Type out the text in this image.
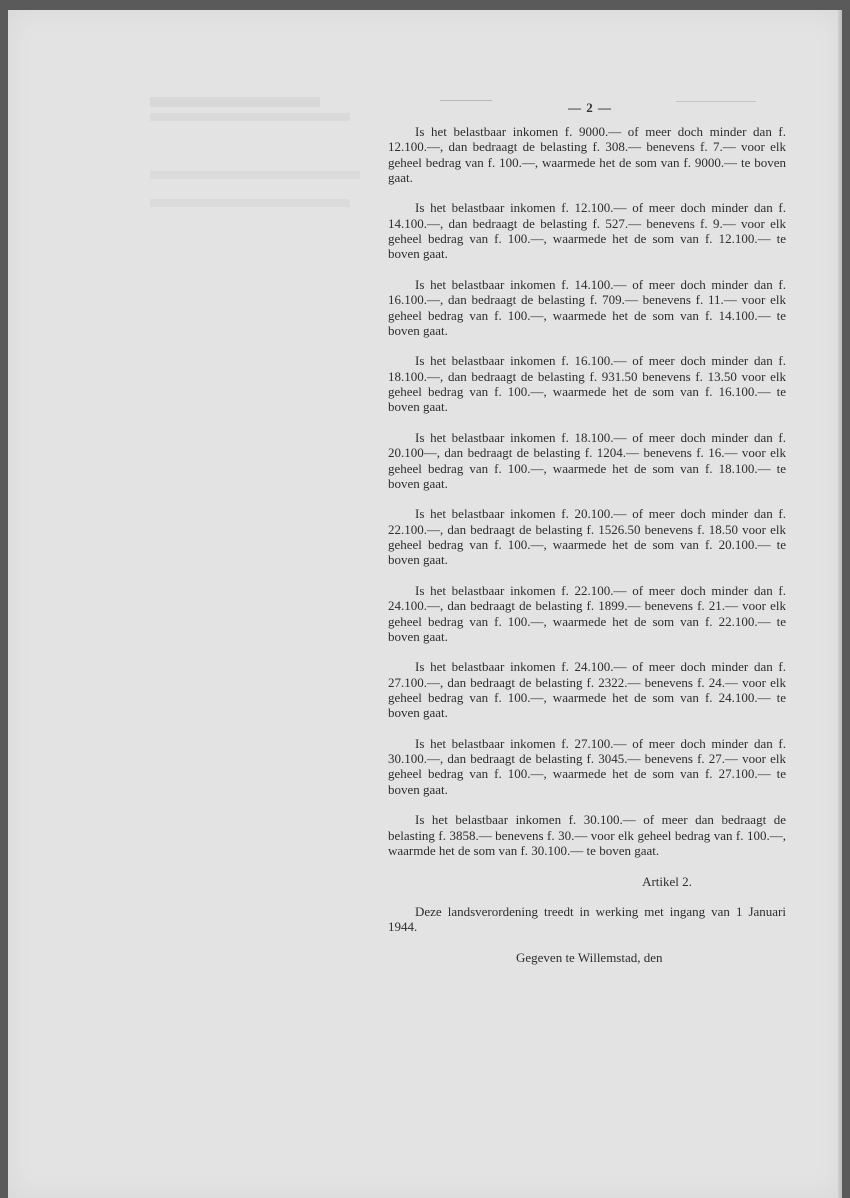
— 2 —

Is het belastbaar inkomen f. 9000.— of meer doch minder dan f. 12.100.—, dan bedraagt de belasting f. 308.— benevens f. 7.— voor elk geheel bedrag van f. 100.—, waarmede het de som van f. 9000.— te boven gaat.

Is het belastbaar inkomen f. 12.100.— of meer doch minder dan f. 14.100.—, dan bedraagt de belasting f. 527.— benevens f. 9.— voor elk geheel bedrag van f. 100.—, waarmede het de som van f. 12.100.— te boven gaat.

Is het belastbaar inkomen f. 14.100.— of meer doch minder dan f. 16.100.—, dan bedraagt de belasting f. 709.— benevens f. 11.— voor elk geheel bedrag van f. 100.—, waarmede het de som van f. 14.100.— te boven gaat.

Is het belastbaar inkomen f. 16.100.— of meer doch minder dan f. 18.100.—, dan bedraagt de belasting f. 931.50 benevens f. 13.50 voor elk geheel bedrag van f. 100.—, waarmede het de som van f. 16.100.— te boven gaat.

Is het belastbaar inkomen f. 18.100.— of meer doch minder dan f. 20.100—, dan bedraagt de belasting f. 1204.— benevens f. 16.— voor elk geheel bedrag van f. 100.—, waarmede het de som van f. 18.100.— te boven gaat.

Is het belastbaar inkomen f. 20.100.— of meer doch minder dan f. 22.100.—, dan bedraagt de belasting f. 1526.50 benevens f. 18.50 voor elk geheel bedrag van f. 100.—, waarmede het de som van f. 20.100.— te boven gaat.

Is het belastbaar inkomen f. 22.100.— of meer doch minder dan f. 24.100.—, dan bedraagt de belasting f. 1899.— benevens f. 21.— voor elk geheel bedrag van f. 100.—, waarmede het de som van f. 22.100.— te boven gaat.

Is het belastbaar inkomen f. 24.100.— of meer doch minder dan f. 27.100.—, dan bedraagt de belasting f. 2322.— benevens f. 24.— voor elk geheel bedrag van f. 100.—, waarmede het de som van f. 24.100.— te boven gaat.

Is het belastbaar inkomen f. 27.100.— of meer doch minder dan f. 30.100.—, dan bedraagt de belasting f. 3045.— benevens f. 27.— voor elk geheel bedrag van f. 100.—, waarmede het de som van f. 27.100.— te boven gaat.

Is het belastbaar inkomen f. 30.100.— of meer dan bedraagt de belasting f. 3858.— benevens f. 30.— voor elk geheel bedrag van f. 100.—, waarmde het de som van f. 30.100.— te boven gaat.

Artikel 2.

Deze landsverordening treedt in werking met ingang van 1 Januari 1944.

Gegeven te Willemstad, den
